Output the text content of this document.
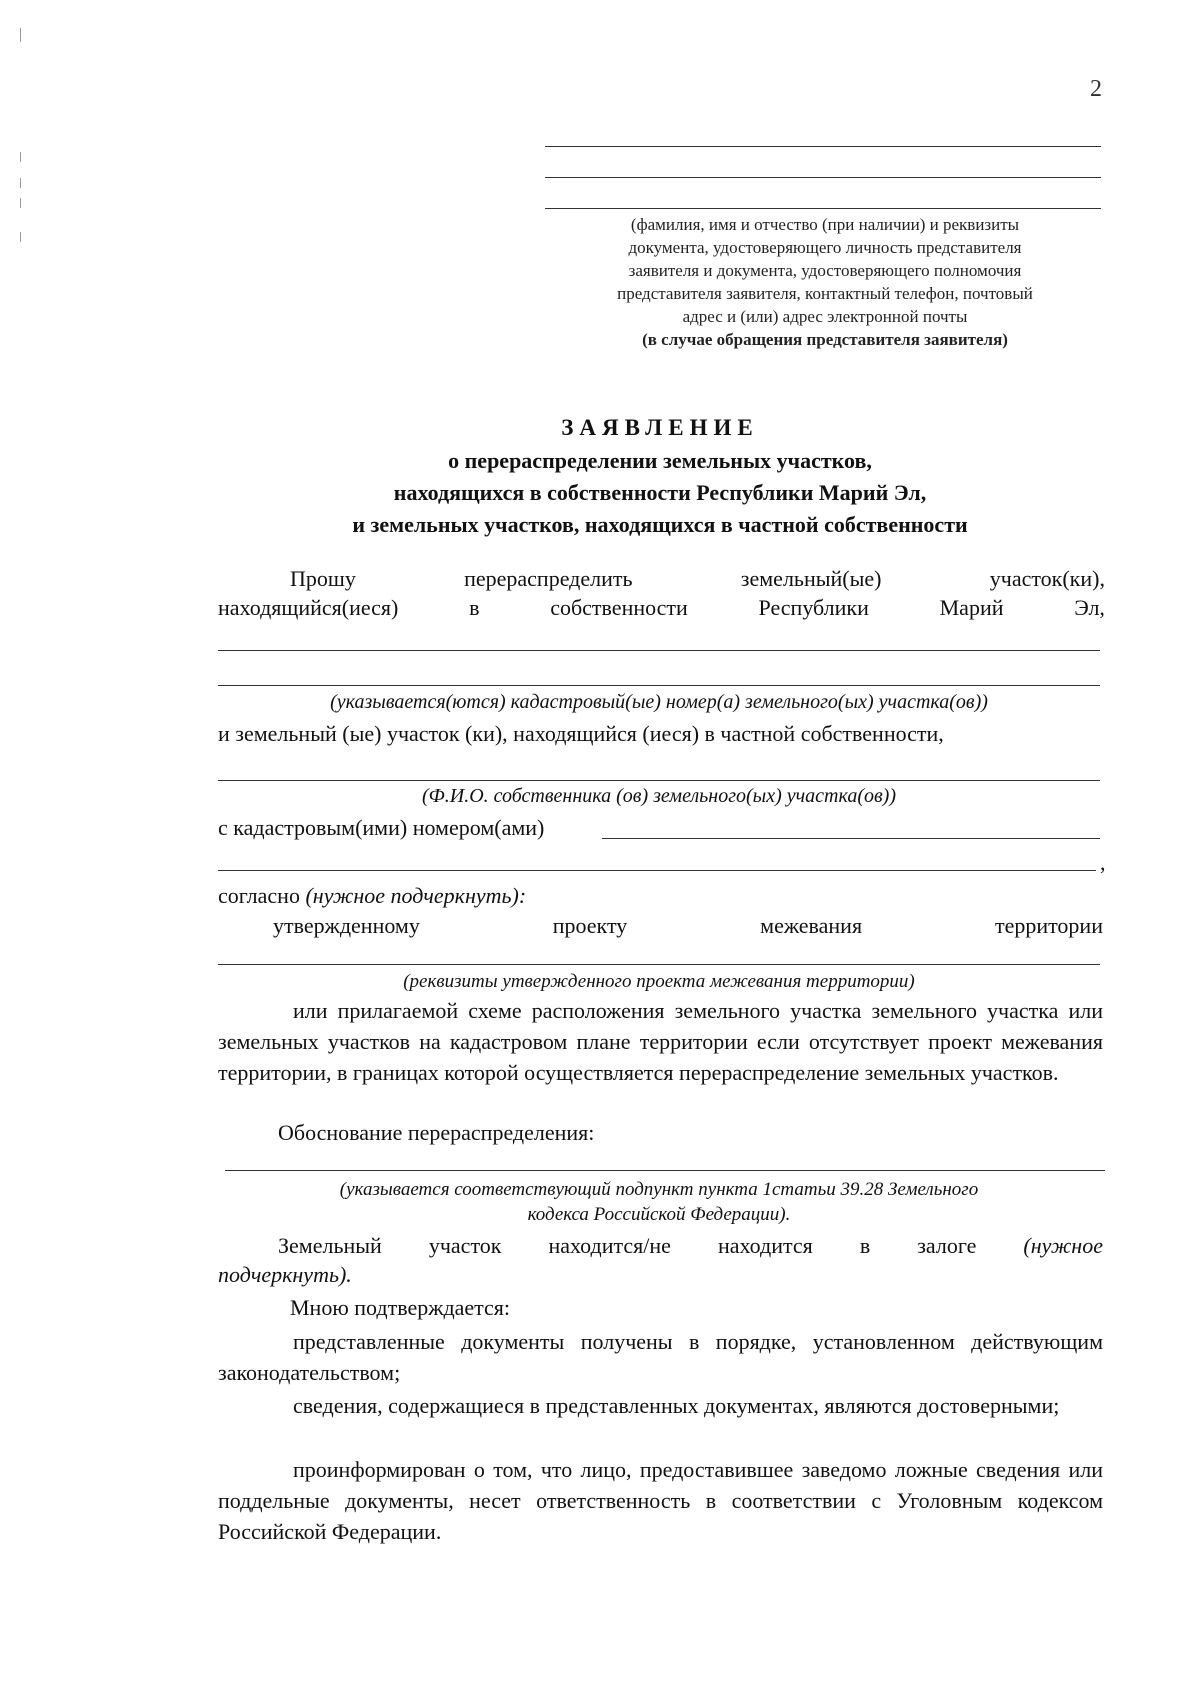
2
(фамилия, имя и отчество (при наличии) и реквизиты
документа, удостоверяющего личность представителя
заявителя и документа, удостоверяющего полномочия
представителя заявителя, контактный телефон, почтовый
адрес и (или) адрес электронной почты
(в случае обращения представителя заявителя)
ЗАЯВЛЕНИЕ
о перераспределении земельных участков,
находящихся в собственности Республики Марий Эл,
и земельных участков, находящихся в частной собственности
Прошу	перераспределить	земельный(ые)	участок(ки),
находящийся(иеся)	в	собственности	Республики	Марий	Эл,
(указывается(ются) кадастровый(ые) номер(а) земельного(ых) участка(ов))
и земельный (ые) участок (ки), находящийся (иеся) в частной собственности,
(Ф.И.О. собственника (ов) земельного(ых) участка(ов))
с кадастровым(ими) номером(ами)
,
согласно (нужное подчеркнуть):
утвержденному	проекту	межевания	территории
(реквизиты утвержденного проекта межевания территории)
или прилагаемой схеме расположения земельного участка земельного участка или земельных участков на кадастровом плане территории если отсутствует проект межевания территории, в границах которой осуществляется перераспределение земельных участков.
Обоснование перераспределения:
(указывается соответствующий подпункт пункта 1статьи 39.28 Земельного
кодекса Российской Федерации).
Земельный участок находится/не находится в залоге (нужное
подчеркнуть).
Мною подтверждается:
представленные документы получены в порядке, установленном действующим законодательством;
сведения, содержащиеся в представленных документах, являются достоверными;
проинформирован о том, что лицо, предоставившее заведомо ложные сведения или поддельные документы, несет ответственность в соответствии с Уголовным кодексом Российской Федерации.
